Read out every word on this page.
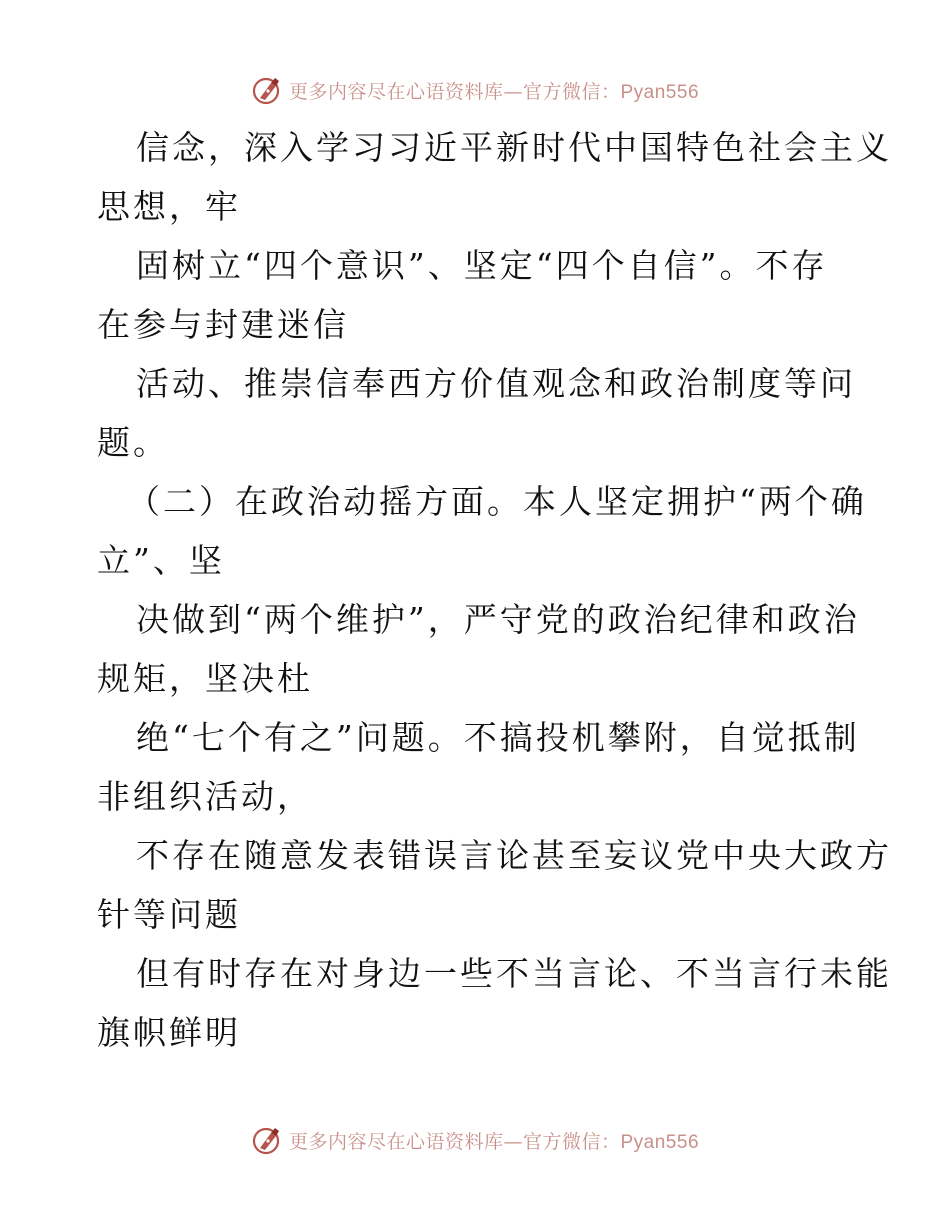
更多内容尽在心语资料库—官方微信：Pyan556
信念，深入学习习近平新时代中国特色社会主义
思想，牢
固树立“四个意识”、坚定“四个自信”。不存
在参与封建迷信
活动、推崇信奉西方价值观念和政治制度等问
题。
（二）在政治动摇方面。本人坚定拥护“两个确
立”、坚
决做到“两个维护”，严守党的政治纪律和政治
规矩，坚决杜
绝“七个有之”问题。不搞投机攀附，自觉抵制
非组织活动，
不存在随意发表错误言论甚至妄议党中央大政方
针等问题
但有时存在对身边一些不当言论、不当言行未能
旗帜鲜明
更多内容尽在心语资料库—官方微信：Pyan556
